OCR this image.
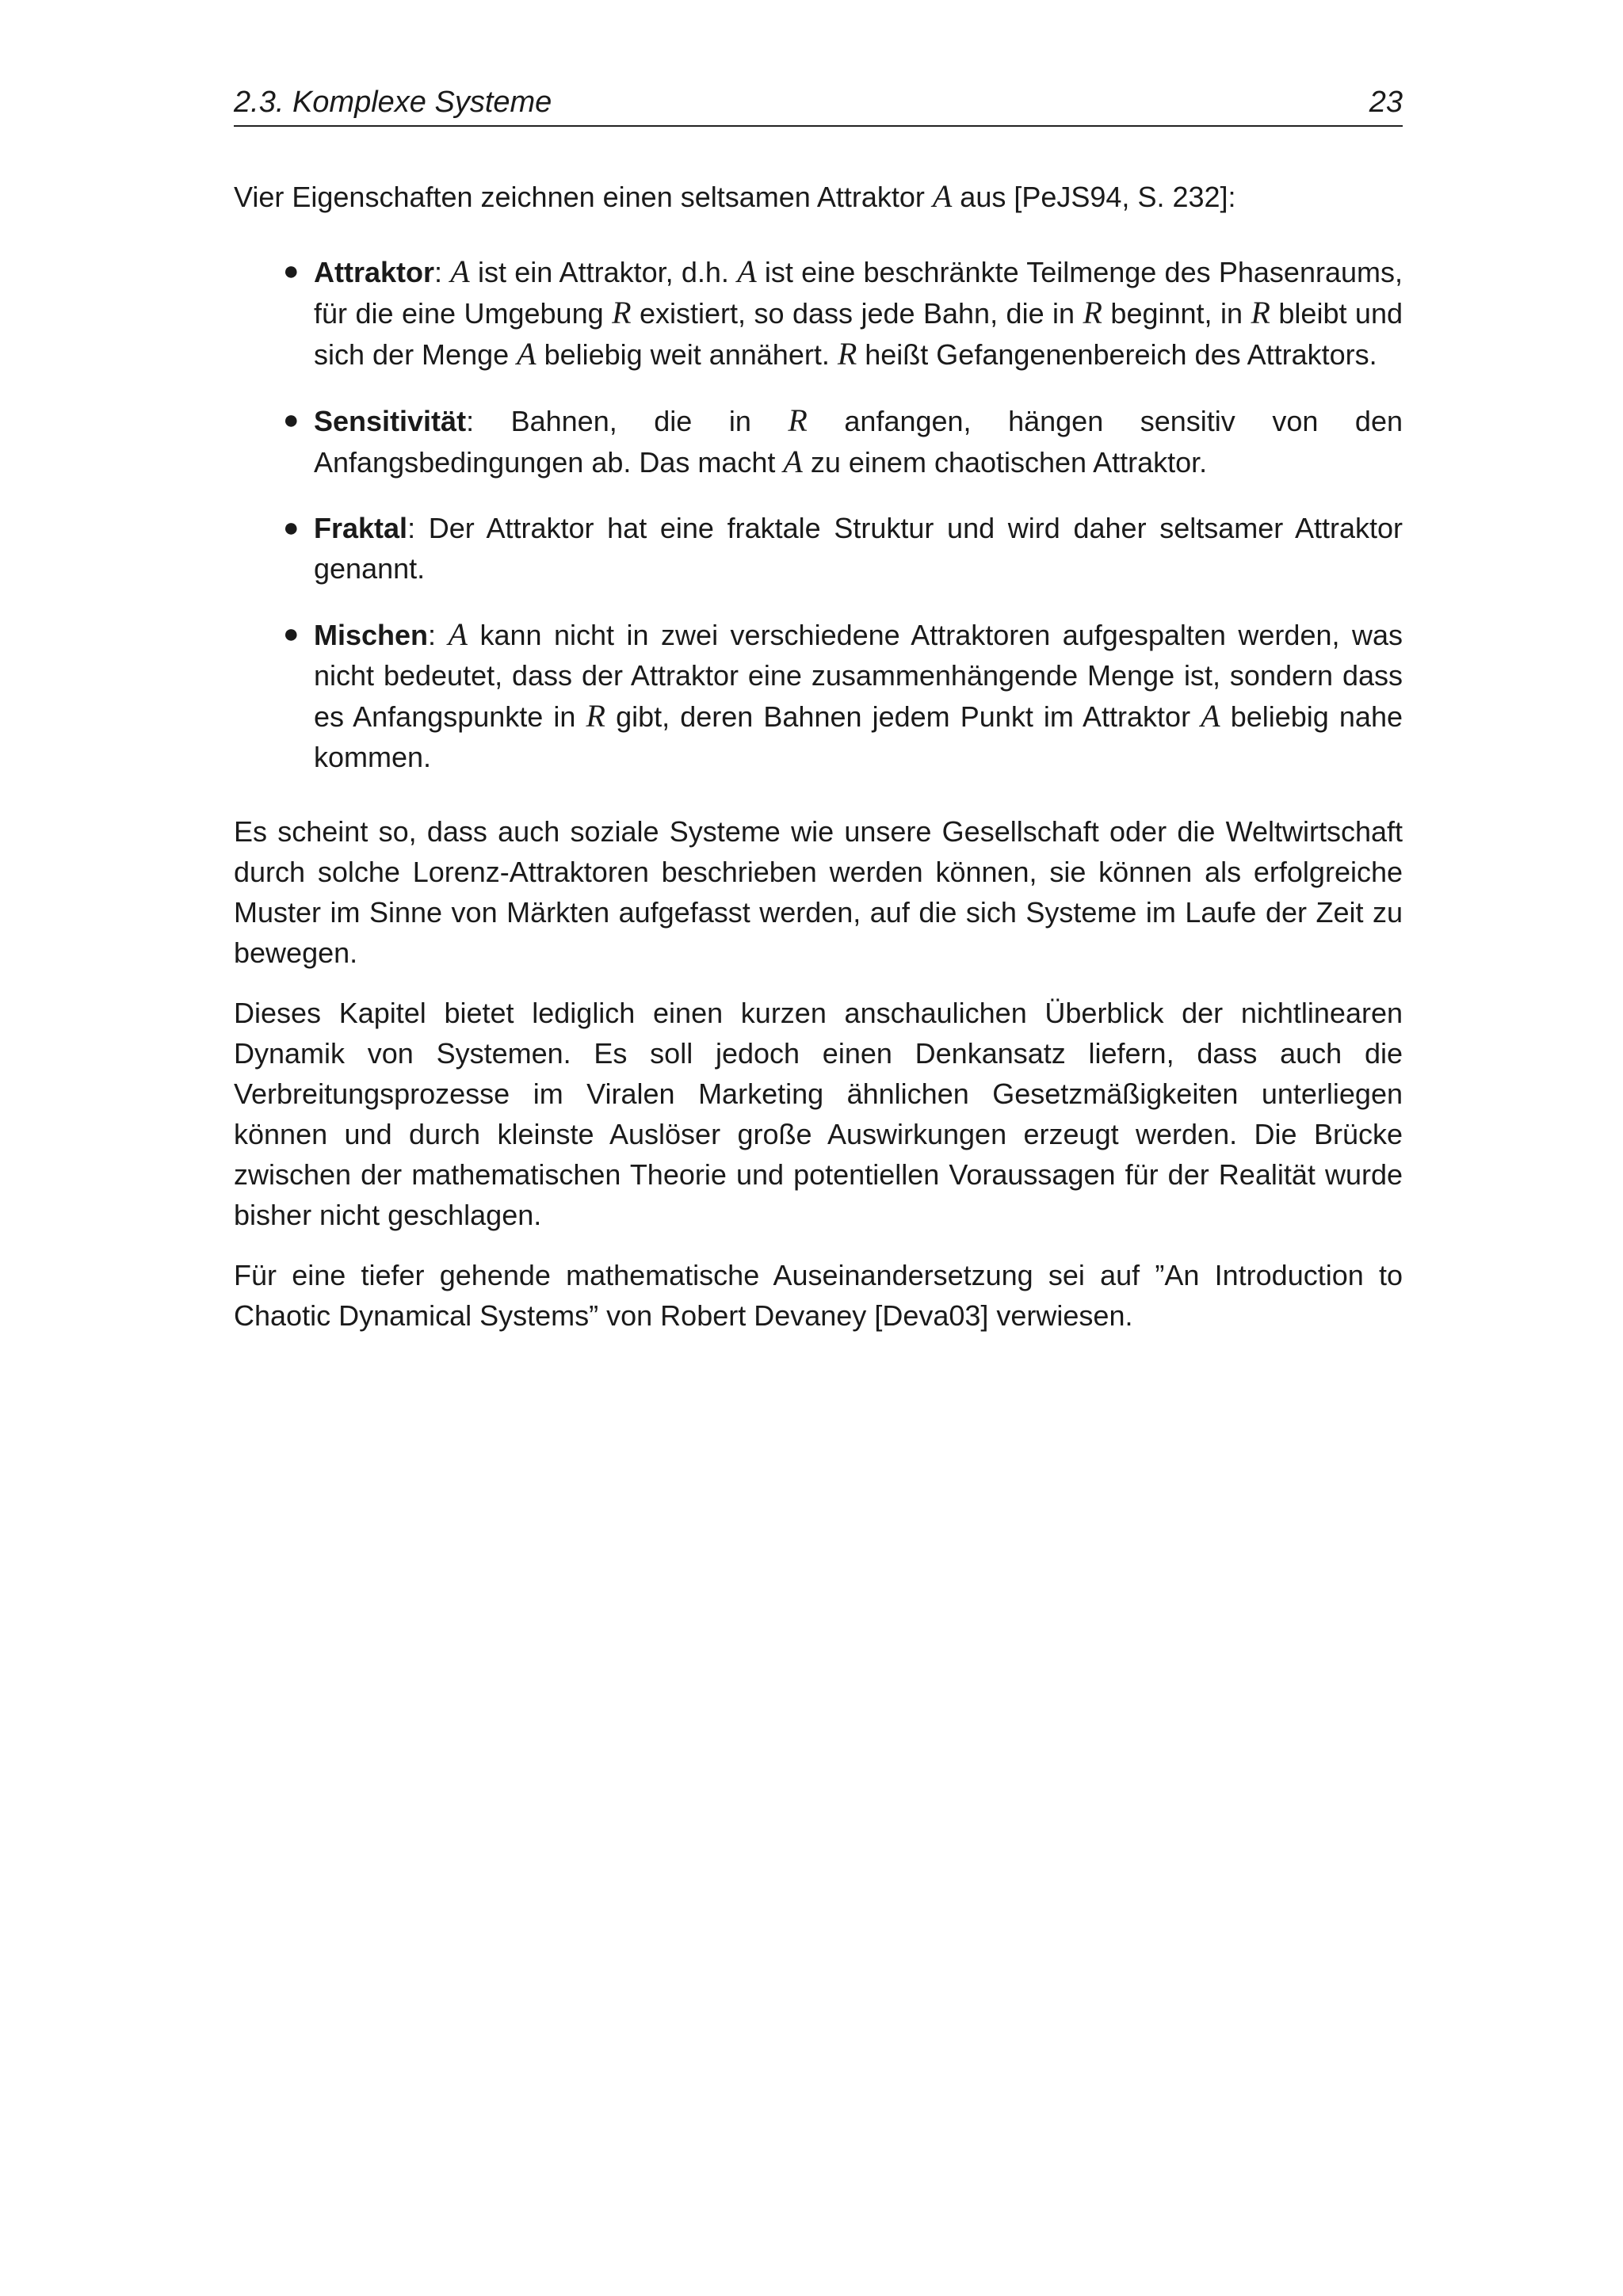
2.3. Komplexe Systeme	23

Vier Eigenschaften zeichnen einen seltsamen Attraktor A aus [PeJS94, S. 232]:

● Attraktor: A ist ein Attraktor, d.h. A ist eine beschränkte Teilmenge des Phasenraums, für die eine Umgebung R existiert, so dass jede Bahn, die in R beginnt, in R bleibt und sich der Menge A beliebig weit annähert. R heißt Gefangenenbereich des Attraktors.
● Sensitivität: Bahnen, die in R anfangen, hängen sensitiv von den Anfangsbedingungen ab. Das macht A zu einem chaotischen Attraktor.
● Fraktal: Der Attraktor hat eine fraktale Struktur und wird daher seltsamer Attraktor genannt.
● Mischen: A kann nicht in zwei verschiedene Attraktoren aufgespalten werden, was nicht bedeutet, dass der Attraktor eine zusammenhängende Menge ist, sondern dass es Anfangspunkte in R gibt, deren Bahnen jedem Punkt im Attraktor A beliebig nahe kommen.

Es scheint so, dass auch soziale Systeme wie unsere Gesellschaft oder die Weltwirtschaft durch solche Lorenz-Attraktoren beschrieben werden können, sie können als erfolgreiche Muster im Sinne von Märkten aufgefasst werden, auf die sich Systeme im Laufe der Zeit zu bewegen.

Dieses Kapitel bietet lediglich einen kurzen anschaulichen Überblick der nichtlinearen Dynamik von Systemen. Es soll jedoch einen Denkansatz liefern, dass auch die Verbreitungsprozesse im Viralen Marketing ähnlichen Gesetzmäßigkeiten unterliegen können und durch kleinste Auslöser große Auswirkungen erzeugt werden. Die Brücke zwischen der mathematischen Theorie und potentiellen Voraussagen für der Realität wurde bisher nicht geschlagen.

Für eine tiefer gehende mathematische Auseinandersetzung sei auf ”An Introduction to Chaotic Dynamical Systems” von Robert Devaney [Deva03] verwiesen.
